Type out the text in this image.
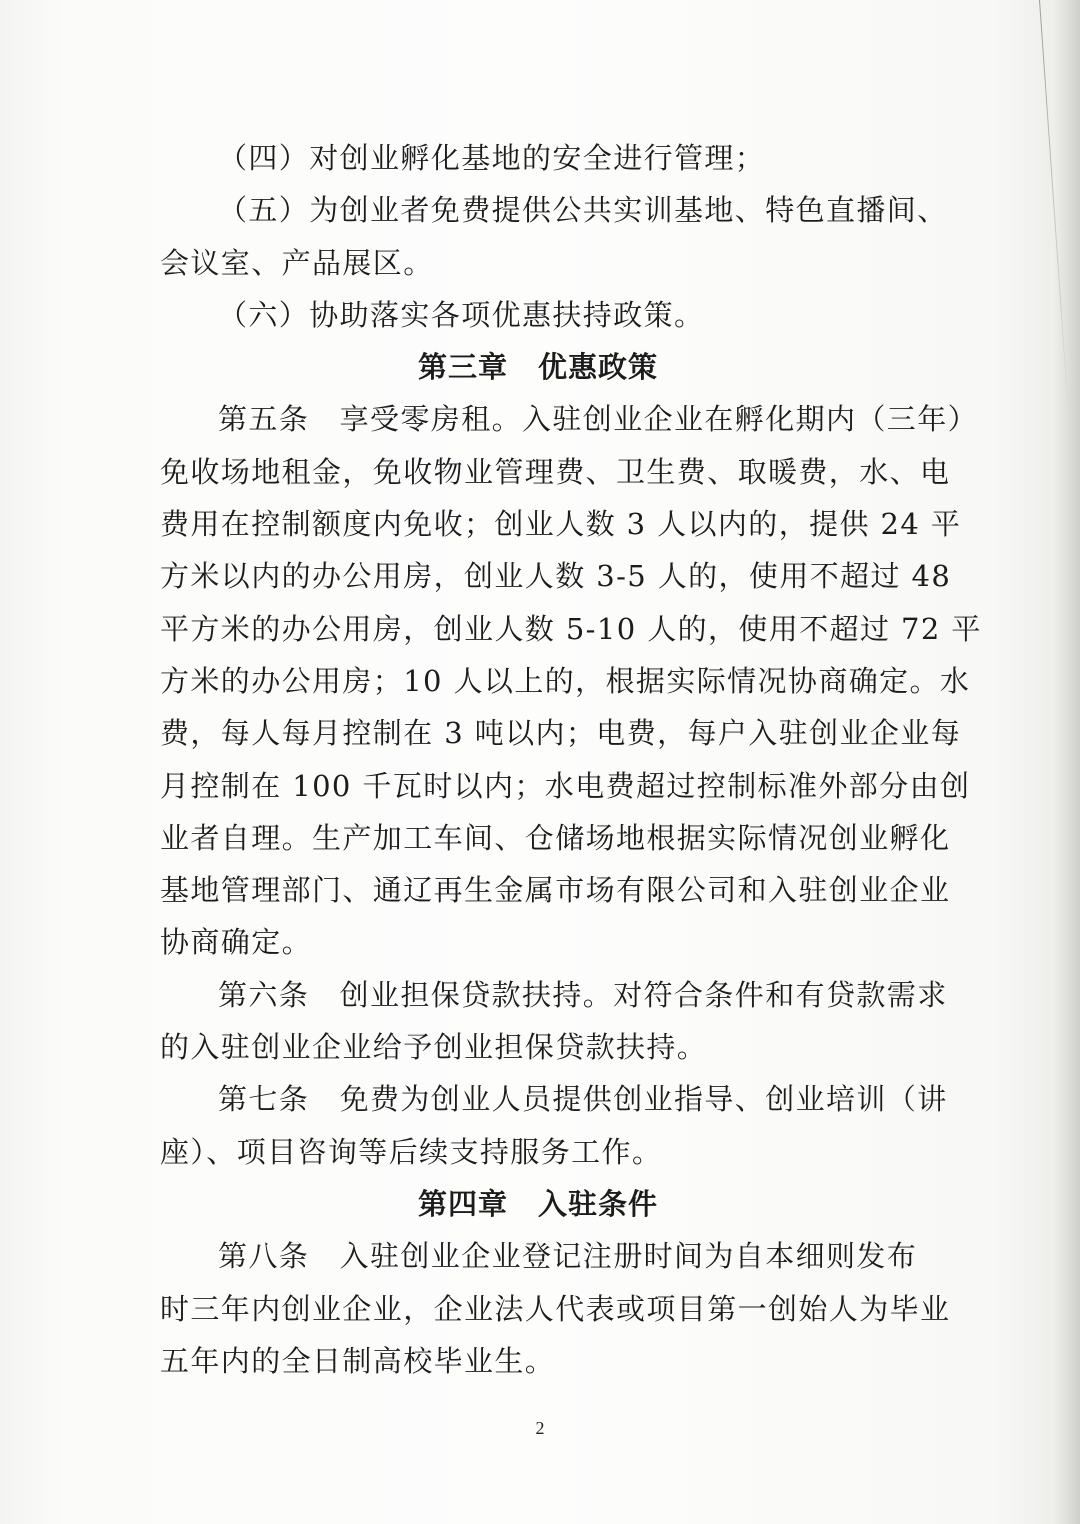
（四）对创业孵化基地的安全进行管理；
（五）为创业者免费提供公共实训基地、特色直播间、
会议室、产品展区。
（六）协助落实各项优惠扶持政策。
第三章　优惠政策
第五条　享受零房租。入驻创业企业在孵化期内（三年）
免收场地租金，免收物业管理费、卫生费、取暖费，水、电
费用在控制额度内免收；创业人数 3 人以内的，提供 24 平
方米以内的办公用房，创业人数 3-5 人的，使用不超过 48
平方米的办公用房，创业人数 5-10 人的，使用不超过 72 平
方米的办公用房；10 人以上的，根据实际情况协商确定。水
费，每人每月控制在 3 吨以内；电费，每户入驻创业企业每
月控制在 100 千瓦时以内；水电费超过控制标准外部分由创
业者自理。生产加工车间、仓储场地根据实际情况创业孵化
基地管理部门、通辽再生金属市场有限公司和入驻创业企业
协商确定。
第六条　创业担保贷款扶持。对符合条件和有贷款需求
的入驻创业企业给予创业担保贷款扶持。
第七条　免费为创业人员提供创业指导、创业培训（讲
座）、项目咨询等后续支持服务工作。
第四章　入驻条件
第八条　入驻创业企业登记注册时间为自本细则发布
时三年内创业企业，企业法人代表或项目第一创始人为毕业
五年内的全日制高校毕业生。
2
